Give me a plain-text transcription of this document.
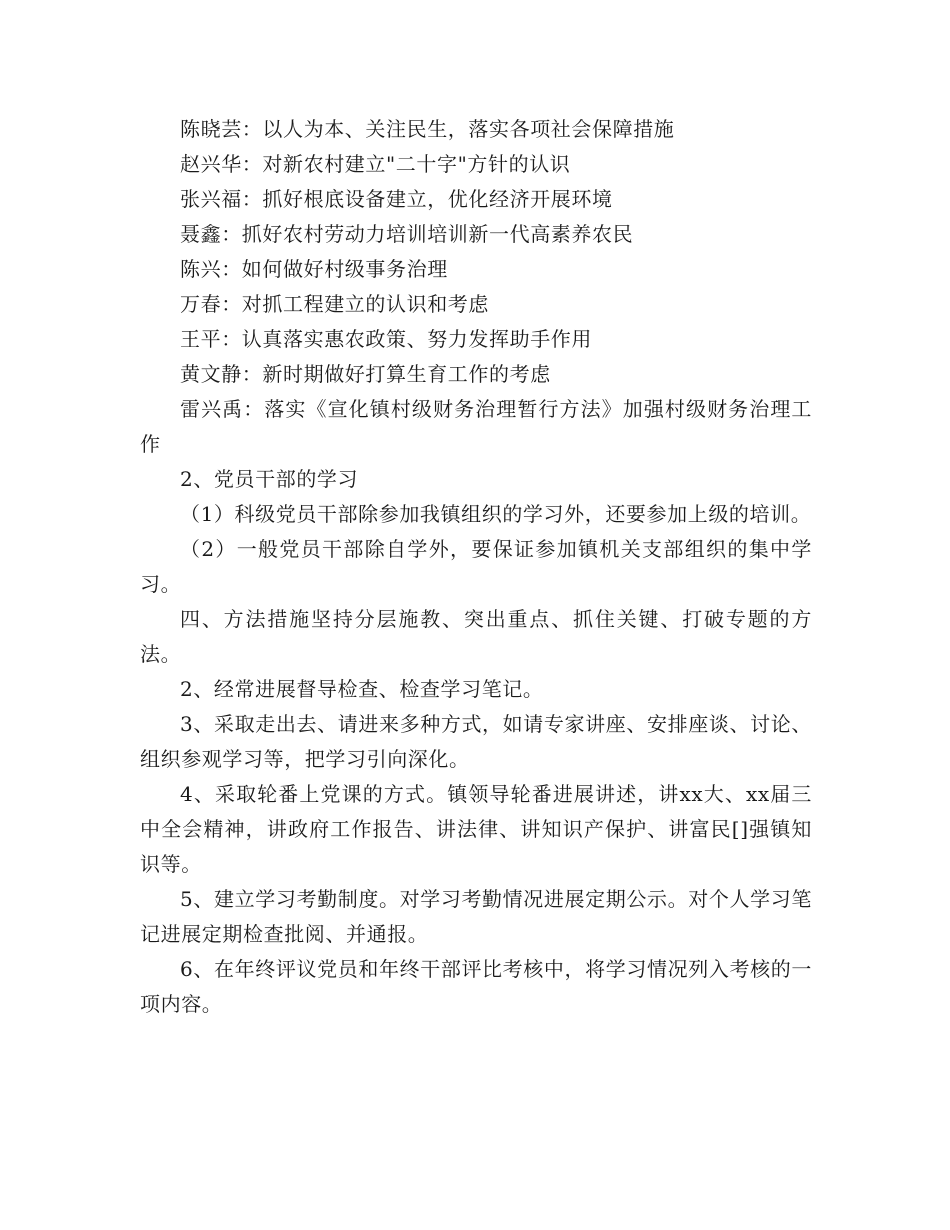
陈晓芸：以人为本、关注民生，落实各项社会保障措施

赵兴华：对新农村建立"二十字"方针的认识

张兴福：抓好根底设备建立，优化经济开展环境

聂鑫：抓好农村劳动力培训培训新一代高素养农民

陈兴：如何做好村级事务治理

万春：对抓工程建立的认识和考虑

王平：认真落实惠农政策、努力发挥助手作用

黄文静：新时期做好打算生育工作的考虑

雷兴禹：落实《宣化镇村级财务治理暂行方法》加强村级财务治理工作

2、党员干部的学习

（1）科级党员干部除参加我镇组织的学习外，还要参加上级的培训。

（2）一般党员干部除自学外，要保证参加镇机关支部组织的集中学习。

四、方法措施坚持分层施教、突出重点、抓住关键、打破专题的方法。

2、经常进展督导检查、检查学习笔记。

3、采取走出去、请进来多种方式，如请专家讲座、安排座谈、讨论、组织参观学习等，把学习引向深化。

4、采取轮番上党课的方式。镇领导轮番进展讲述，讲xx大、xx届三中全会精神，讲政府工作报告、讲法律、讲知识产保护、讲富民[]强镇知识等。

5、建立学习考勤制度。对学习考勤情况进展定期公示。对个人学习笔记进展定期检查批阅、并通报。

6、在年终评议党员和年终干部评比考核中，将学习情况列入考核的一项内容。
